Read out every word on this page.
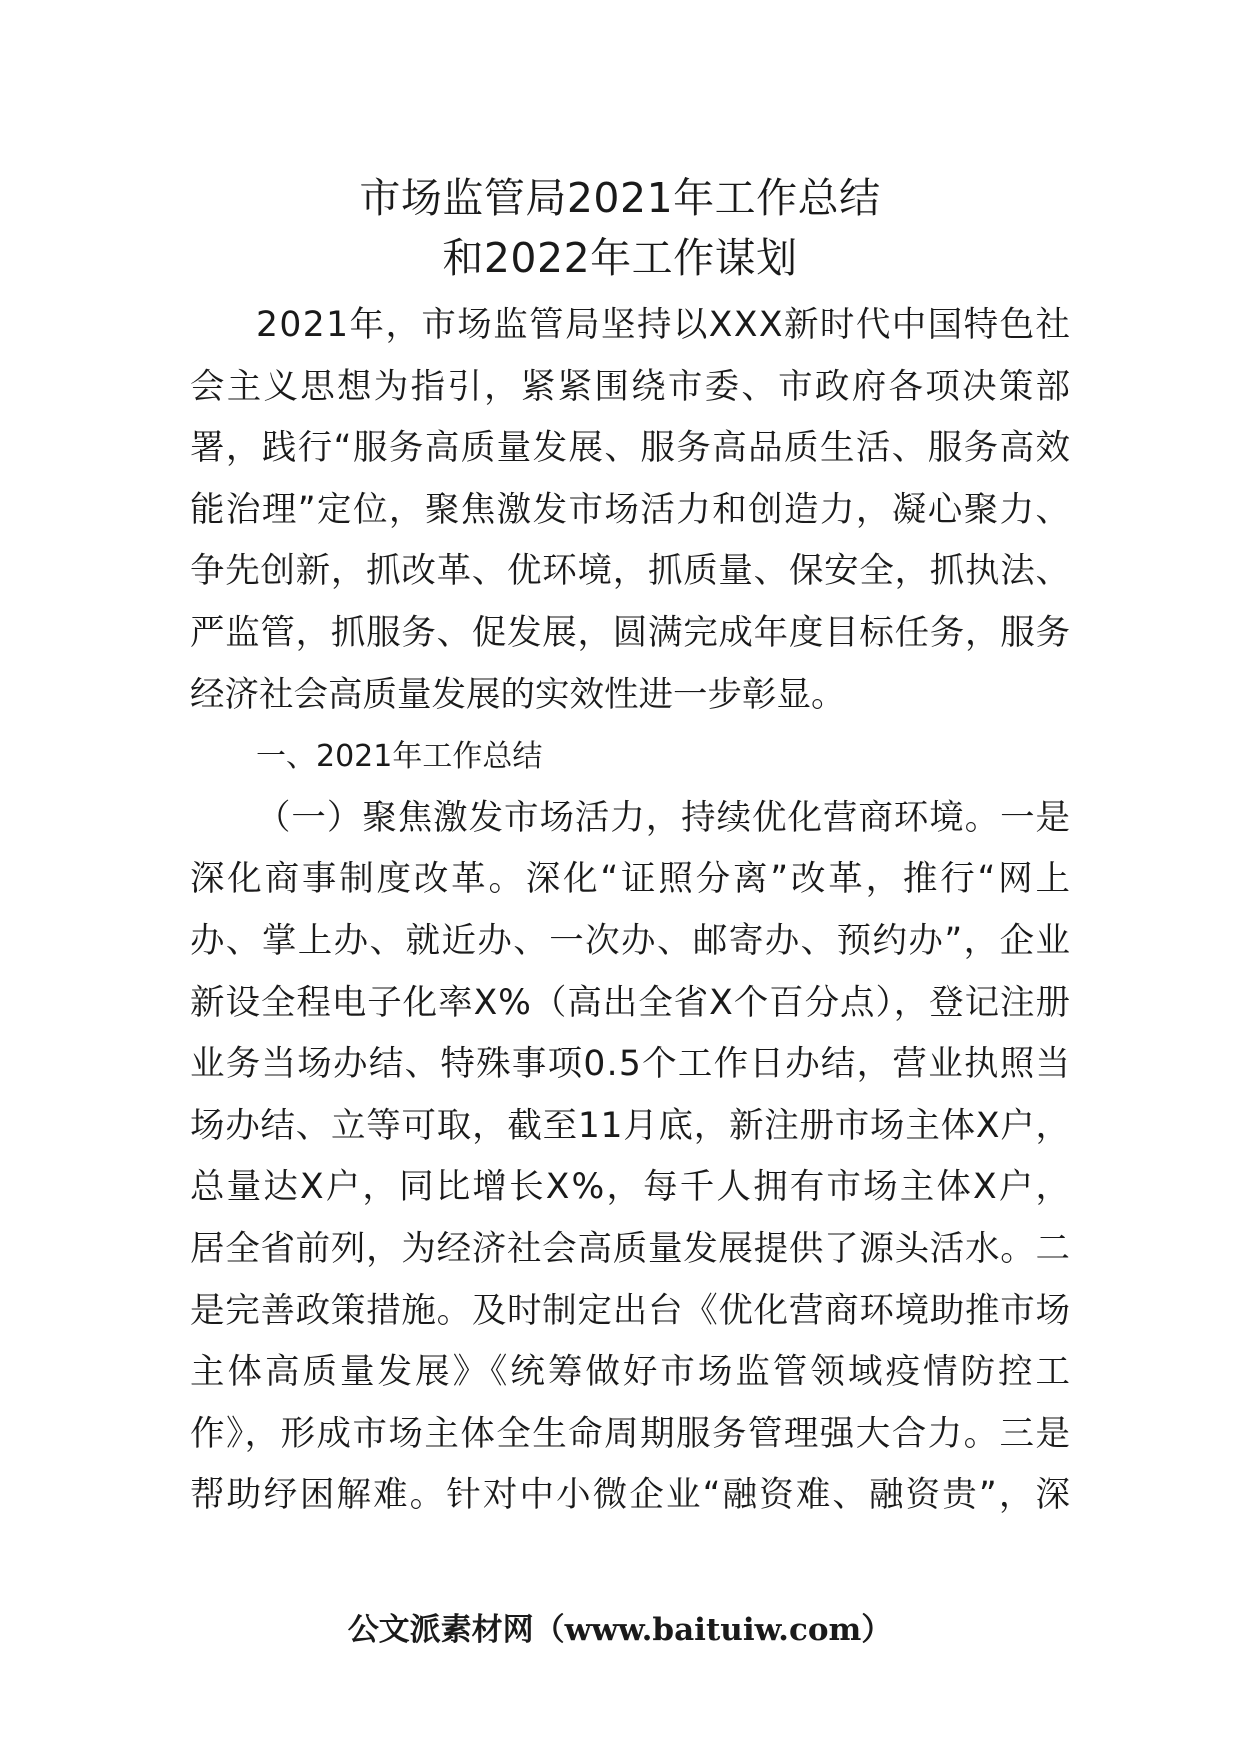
市场监管局2021年工作总结
和2022年工作谋划
2021年，市场监管局坚持以XXX新时代中国特色社
会主义思想为指引，紧紧围绕市委、市政府各项决策部
署，践行“服务高质量发展、服务高品质生活、服务高效
能治理”定位，聚焦激发市场活力和创造力，凝心聚力、
争先创新，抓改革、优环境，抓质量、保安全，抓执法、
严监管，抓服务、促发展，圆满完成年度目标任务，服务
经济社会高质量发展的实效性进一步彰显。
一、2021年工作总结
（一）聚焦激发市场活力，持续优化营商环境。一是
深化商事制度改革。深化“证照分离”改革，推行“网上
办、掌上办、就近办、一次办、邮寄办、预约办”，企业
新设全程电子化率X%（高出全省X个百分点），登记注册
业务当场办结、特殊事项0.5个工作日办结，营业执照当
场办结、立等可取，截至11月底，新注册市场主体X户，
总量达X户，同比增长X%，每千人拥有市场主体X户，
居全省前列，为经济社会高质量发展提供了源头活水。二
是完善政策措施。及时制定出台《优化营商环境助推市场
主体高质量发展》《统筹做好市场监管领域疫情防控工
作》，形成市场主体全生命周期服务管理强大合力。三是
帮助纾困解难。针对中小微企业“融资难、融资贵”，深
公文派素材网（www.baituiw.com）
